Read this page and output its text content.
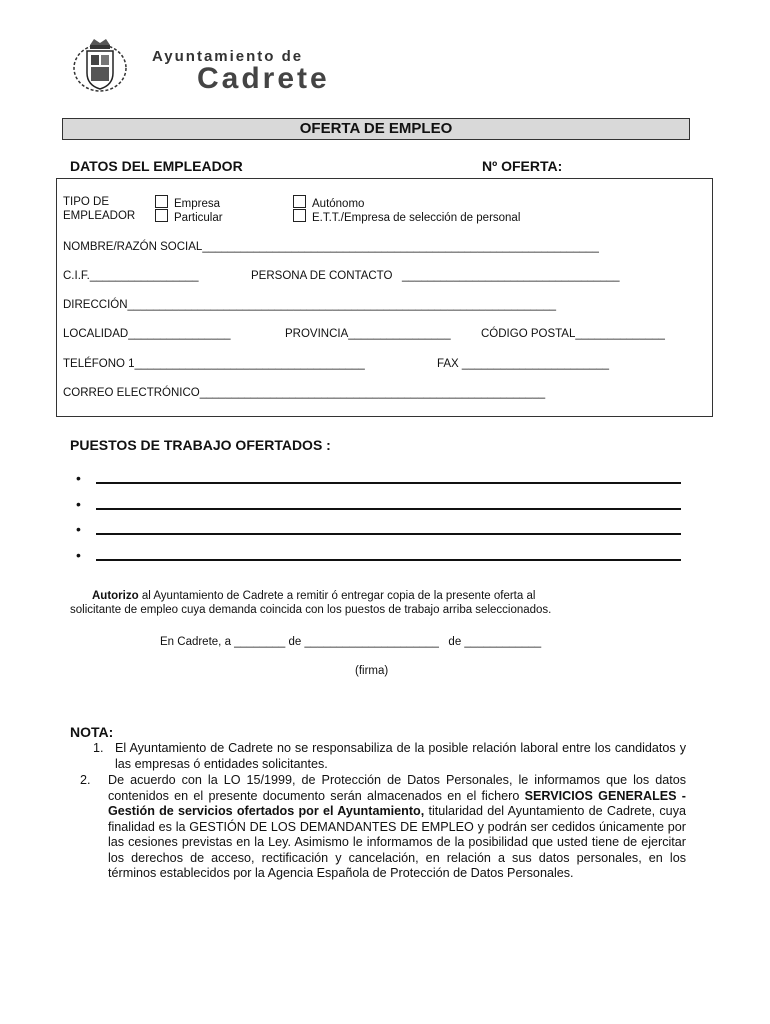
Ayuntamiento de
Cadrete
OFERTA DE EMPLEO
DATOS DEL EMPLEADOR	Nº OFERTA:
TIPO DE
EMPLEADOR
Empresa
Particular
Autónomo
E.T.T./Empresa de selección de personal
NOMBRE/RAZÓN SOCIAL______________________________________________________________
C.I.F._________________	PERSONA DE CONTACTO   __________________________________
DIRECCIÓN___________________________________________________________________
LOCALIDAD________________	PROVINCIA________________	CÓDIGO POSTAL______________
TELÉFONO 1____________________________________	FAX _______________________
CORREO ELECTRÓNICO______________________________________________________
PUESTOS DE TRABAJO OFERTADOS :
•
•
•
•
Autorizo al Ayuntamiento de Cadrete a remitir ó entregar copia de la presente oferta al
solicitante de empleo cuya demanda coincida con los puestos de trabajo arriba seleccionados.
En Cadrete, a ________ de _____________________   de ____________
(firma)
NOTA:
1. El Ayuntamiento de Cadrete no se responsabiliza de la posible relación laboral entre los candidatos y las empresas ó entidades solicitantes.
2. De acuerdo con la LO 15/1999, de Protección de Datos Personales, le informamos que los datos contenidos en el presente documento serán almacenados en el fichero SERVICIOS GENERALES - Gestión de servicios ofertados por el Ayuntamiento, titularidad del Ayuntamiento de Cadrete, cuya finalidad es la GESTIÓN DE LOS DEMANDANTES DE EMPLEO y podrán ser cedidos únicamente por las cesiones previstas en la Ley. Asimismo le informamos de la posibilidad que usted tiene de ejercitar los derechos de acceso, rectificación y cancelación, en relación a sus datos personales, en los términos establecidos por la Agencia Española de Protección de Datos Personales.
